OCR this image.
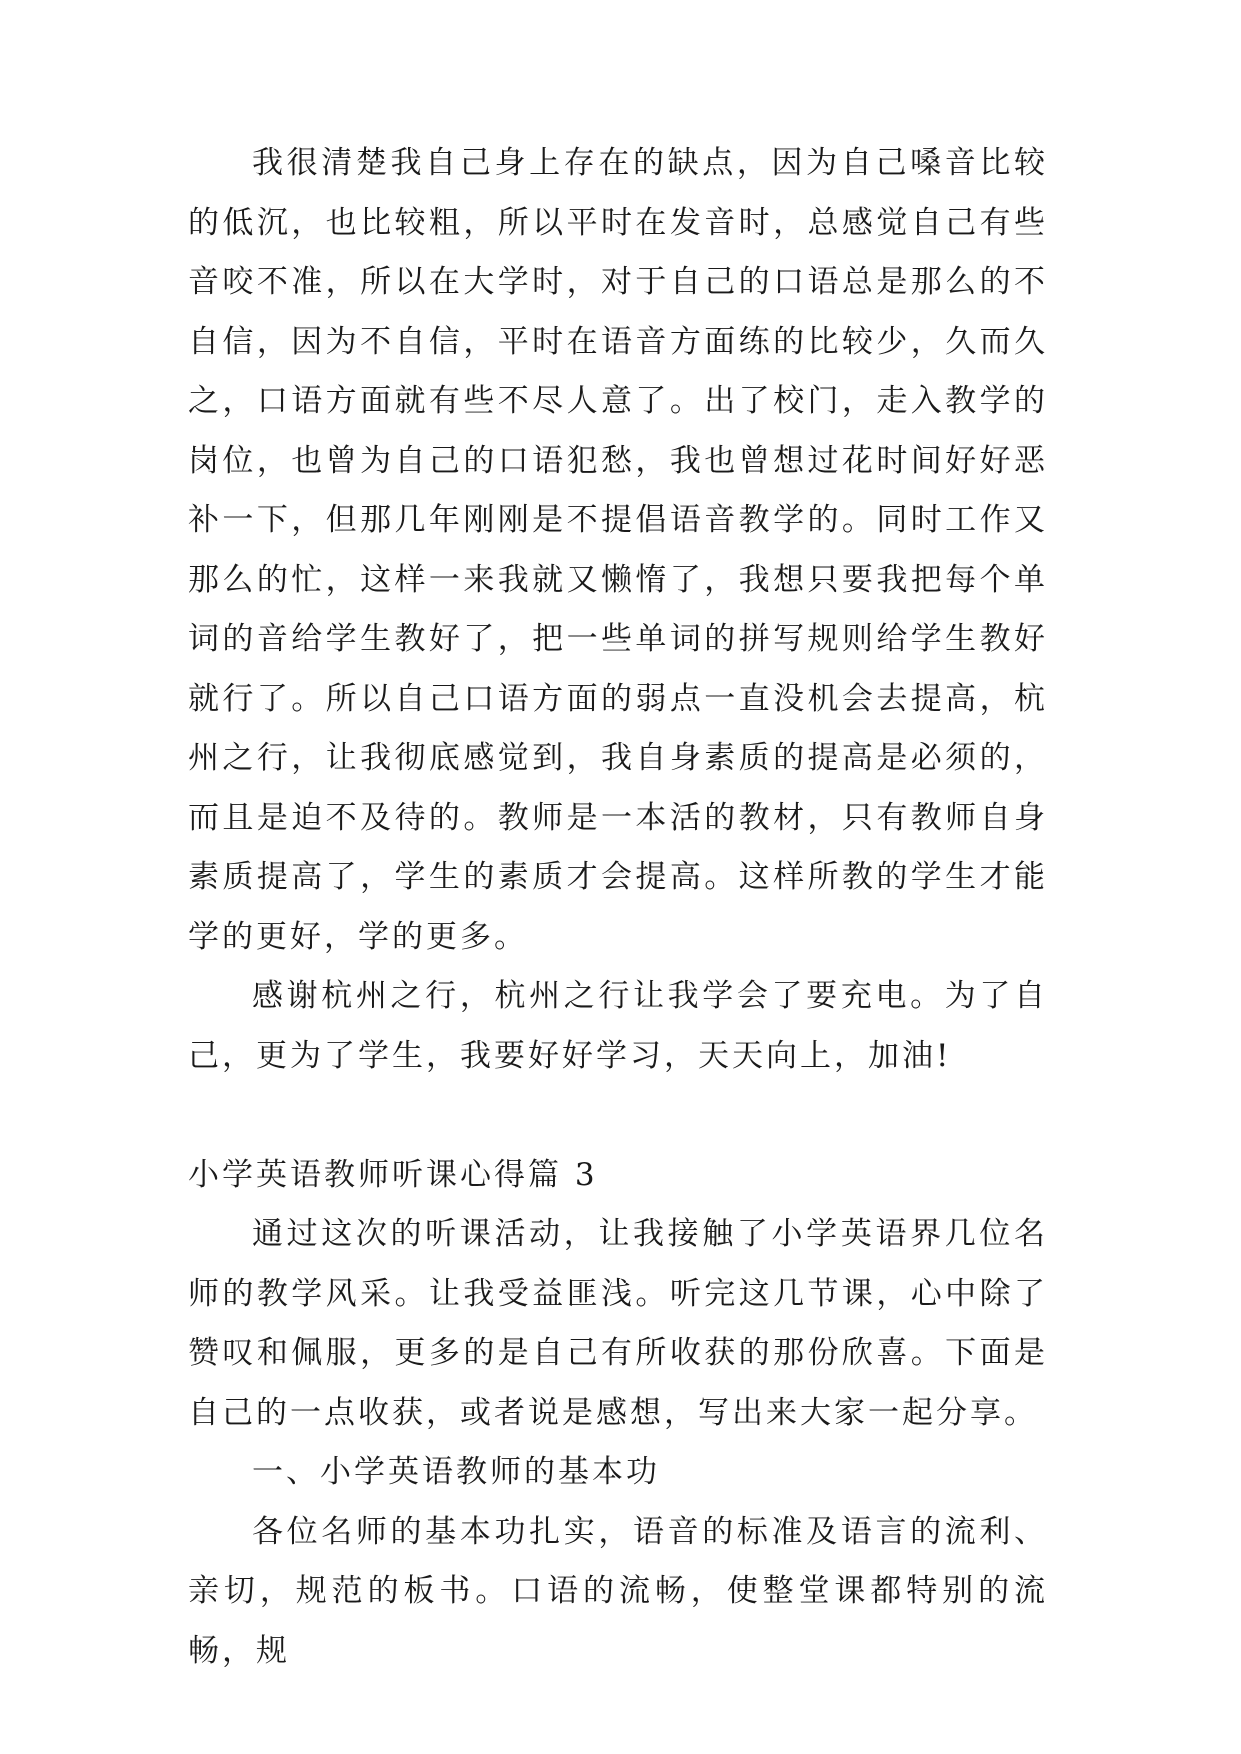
我很清楚我自己身上存在的缺点，因为自己嗓音比较的低沉，也比较粗，所以平时在发音时，总感觉自己有些音咬不准，所以在大学时，对于自己的口语总是那么的不自信，因为不自信，平时在语音方面练的比较少，久而久之，口语方面就有些不尽人意了。出了校门，走入教学的岗位，也曾为自己的口语犯愁，我也曾想过花时间好好恶补一下，但那几年刚刚是不提倡语音教学的。同时工作又那么的忙，这样一来我就又懒惰了，我想只要我把每个单词的音给学生教好了，把一些单词的拼写规则给学生教好就行了。所以自己口语方面的弱点一直没机会去提高，杭州之行，让我彻底感觉到，我自身素质的提高是必须的，而且是迫不及待的。教师是一本活的教材，只有教师自身素质提高了，学生的素质才会提高。这样所教的学生才能学的更好，学的更多。

感谢杭州之行，杭州之行让我学会了要充电。为了自己，更为了学生，我要好好学习，天天向上，加油!

小学英语教师听课心得篇 3

通过这次的听课活动，让我接触了小学英语界几位名师的教学风采。让我受益匪浅。听完这几节课，心中除了赞叹和佩服，更多的是自己有所收获的那份欣喜。下面是自己的一点收获，或者说是感想，写出来大家一起分享。

一、小学英语教师的基本功

各位名师的基本功扎实，语音的标准及语言的流利、亲切，规范的板书。口语的流畅，使整堂课都特别的流畅，规
